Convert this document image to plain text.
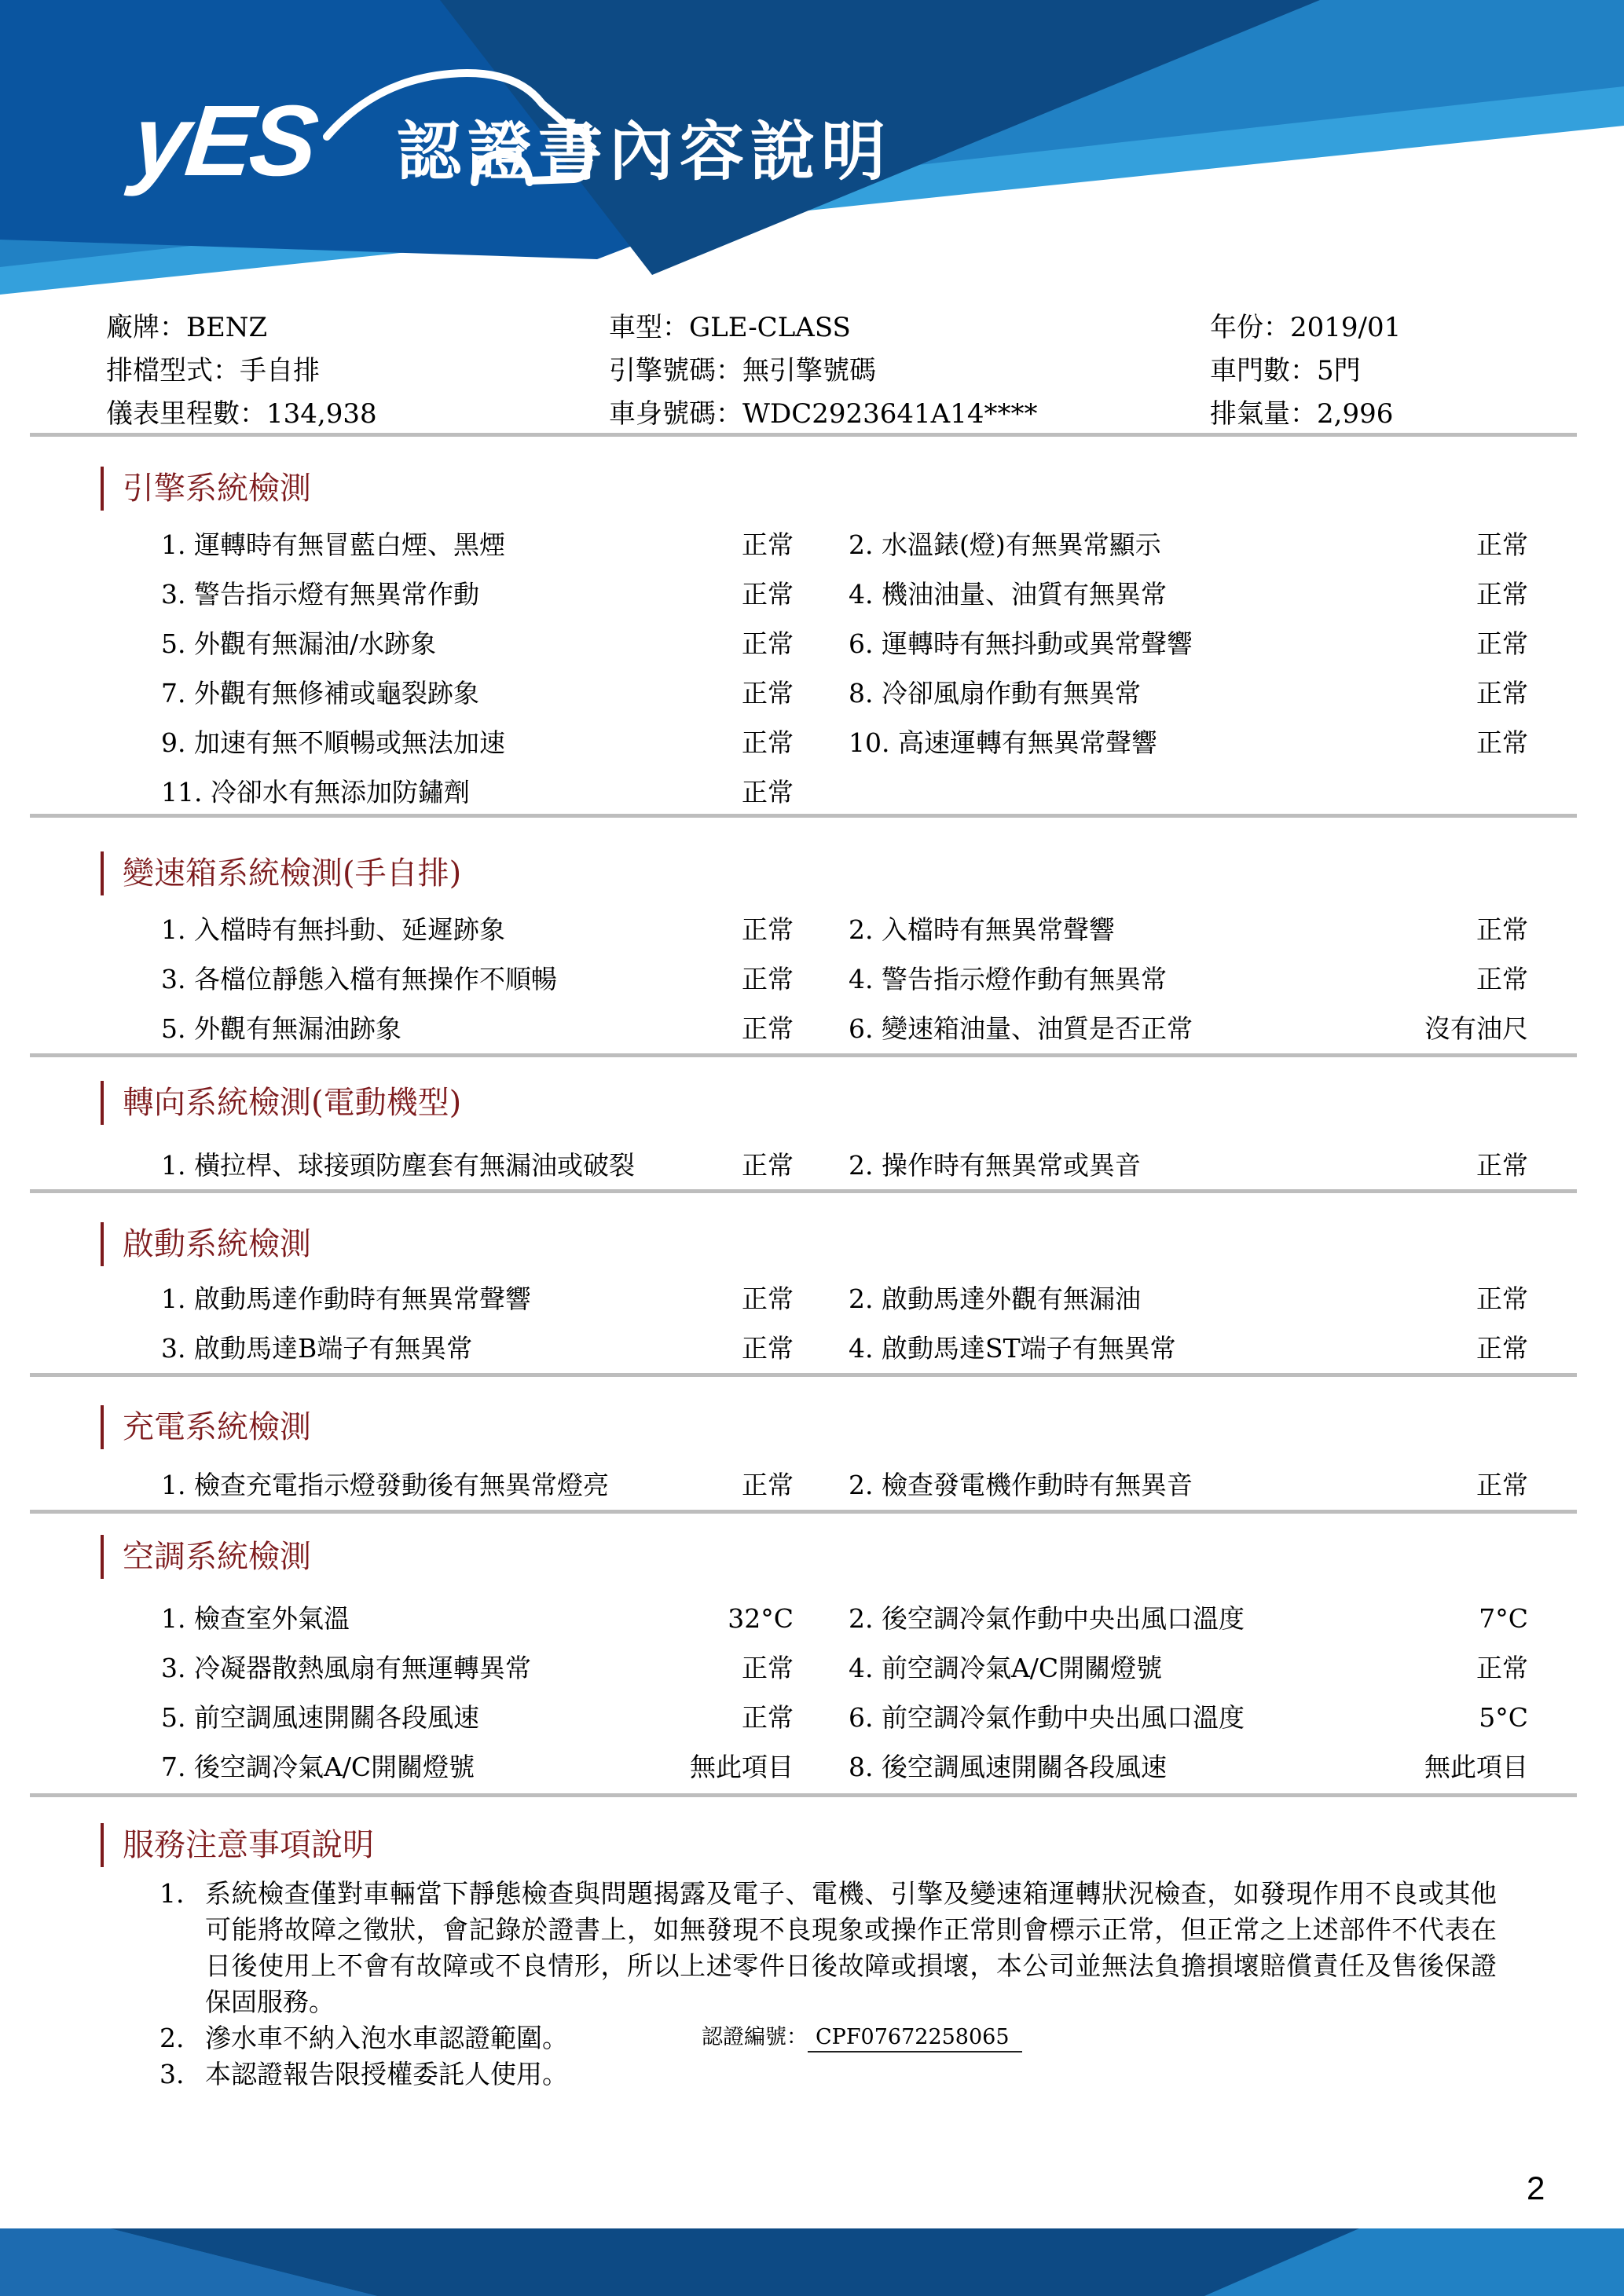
yES 認證書內容說明
廠牌：BENZ	車型：GLE-CLASS	年份：2019/01
排檔型式：手自排	引擎號碼：無引擎號碼	車門數：5門
儀表里程數：134,938	車身號碼：WDC2923641A14****	排氣量：2,996
引擎系統檢測
1. 運轉時有無冒藍白煙、黑煙	正常 2. 水溫錶(燈)有無異常顯示	正常
3. 警告指示燈有無異常作動	正常 4. 機油油量、油質有無異常	正常
5. 外觀有無漏油/水跡象	正常 6. 運轉時有無抖動或異常聲響	正常
7. 外觀有無修補或龜裂跡象	正常 8. 冷卻風扇作動有無異常	正常
9. 加速有無不順暢或無法加速	正常 10. 高速運轉有無異常聲響	正常
11. 冷卻水有無添加防鏽劑	正常
變速箱系統檢測(手自排)
1. 入檔時有無抖動、延遲跡象	正常 2. 入檔時有無異常聲響	正常
3. 各檔位靜態入檔有無操作不順暢	正常 4. 警告指示燈作動有無異常	正常
5. 外觀有無漏油跡象	正常 6. 變速箱油量、油質是否正常	沒有油尺
轉向系統檢測(電動機型)
1. 橫拉桿、球接頭防塵套有無漏油或破裂	正常 2. 操作時有無異常或異音	正常
啟動系統檢測
1. 啟動馬達作動時有無異常聲響	正常 2. 啟動馬達外觀有無漏油	正常
3. 啟動馬達B端子有無異常	正常 4. 啟動馬達ST端子有無異常	正常
充電系統檢測
1. 檢查充電指示燈發動後有無異常燈亮	正常 2. 檢查發電機作動時有無異音	正常
空調系統檢測
1. 檢查室外氣溫	32°C 2. 後空調冷氣作動中央出風口溫度	7°C
3. 冷凝器散熱風扇有無運轉異常	正常 4. 前空調冷氣A/C開關燈號	正常
5. 前空調風速開關各段風速	正常 6. 前空調冷氣作動中央出風口溫度	5°C
7. 後空調冷氣A/C開關燈號	無此項目 8. 後空調風速開關各段風速	無此項目
服務注意事項說明
1. 系統檢查僅對車輛當下靜態檢查與問題揭露及電子、電機、引擎及變速箱運轉狀況檢查，如發現作用不良或其他可能將故障之徵狀，會記錄於證書上，如無發現不良現象或操作正常則會標示正常，但正常之上述部件不代表在日後使用上不會有故障或不良情形，所以上述零件日後故障或損壞，本公司並無法負擔損壞賠償責任及售後保證保固服務。
2. 滲水車不納入泡水車認證範圍。
3. 本認證報告限授權委託人使用。
認證編號： CPF07672258065
2
